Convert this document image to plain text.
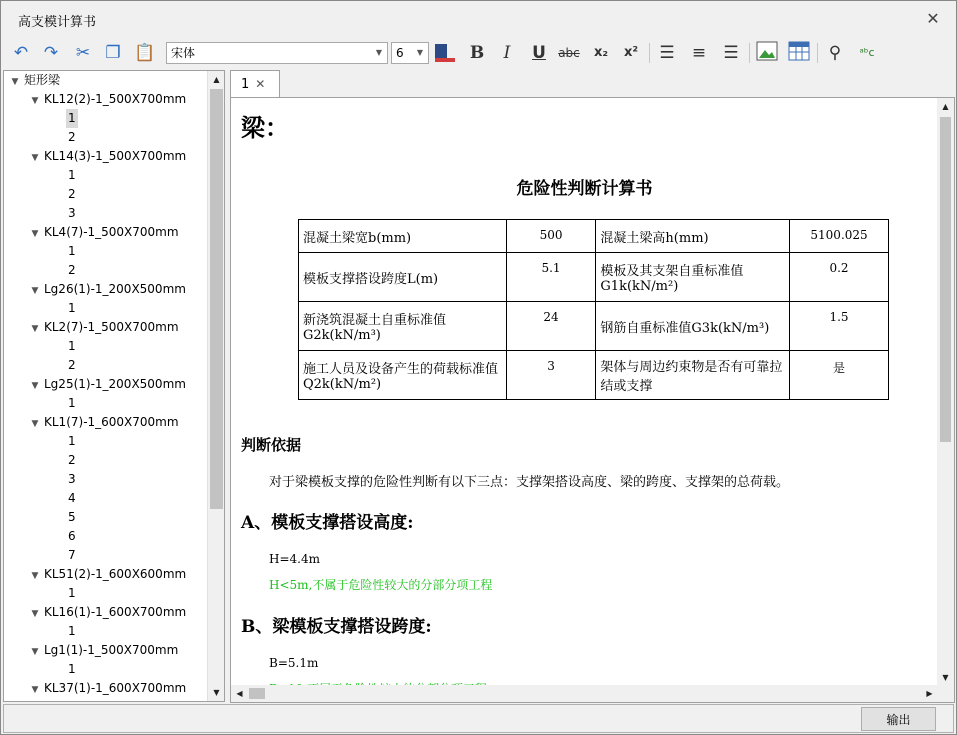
高支模计算书	✕
↶ ↷ ✂ ❐ 📋	宋体	▼	6	▼	B	I	U	abc	x₂	x² ☰ ≡ ☰	⚲	ᵃᵇc
▲
▼
▼ 矩形梁
▼ KL12(2)-1_500X700mm
1
2
▼ KL14(3)-1_500X700mm
1
2
3
▼ KL4(7)-1_500X700mm
1
2
▼ Lg26(1)-1_200X500mm
1
▼ KL2(7)-1_500X700mm
1
2
▼ Lg25(1)-1_200X500mm
1
▼ KL1(7)-1_600X700mm
1
2
3
4
5
6
7
▼ KL51(2)-1_600X600mm
1
▼ KL16(1)-1_600X700mm
1
▼ Lg1(1)-1_500X700mm
1
▼ KL37(1)-1_600X700mm
1 ✕
梁：
危险性判断计算书
混凝土梁宽b(mm)	500	混凝土梁高h(mm)	5100.025
模板支撑搭设跨度L(m)	5.1	模板及其支架自重标准值G1k(kN/m²)	0.2
新浇筑混凝土自重标准值G2k(kN/m³)	24	钢筋自重标准值G3k(kN/m³)	1.5
施工人员及设备产生的荷载标准值Q2k(kN/m²)	3	架体与周边约束物是否有可靠拉结或支撑	是
判断依据
对于梁模板支撑的危险性判断有以下三点：支撑架搭设高度、梁的跨度、支撑架的总荷载。
A、模板支撑搭设高度:
H=4.4m
H<5m,不属于危险性较大的分部分项工程
B、梁模板支撑搭设跨度:
B=5.1m
▲
▼
◀	▶
输出
